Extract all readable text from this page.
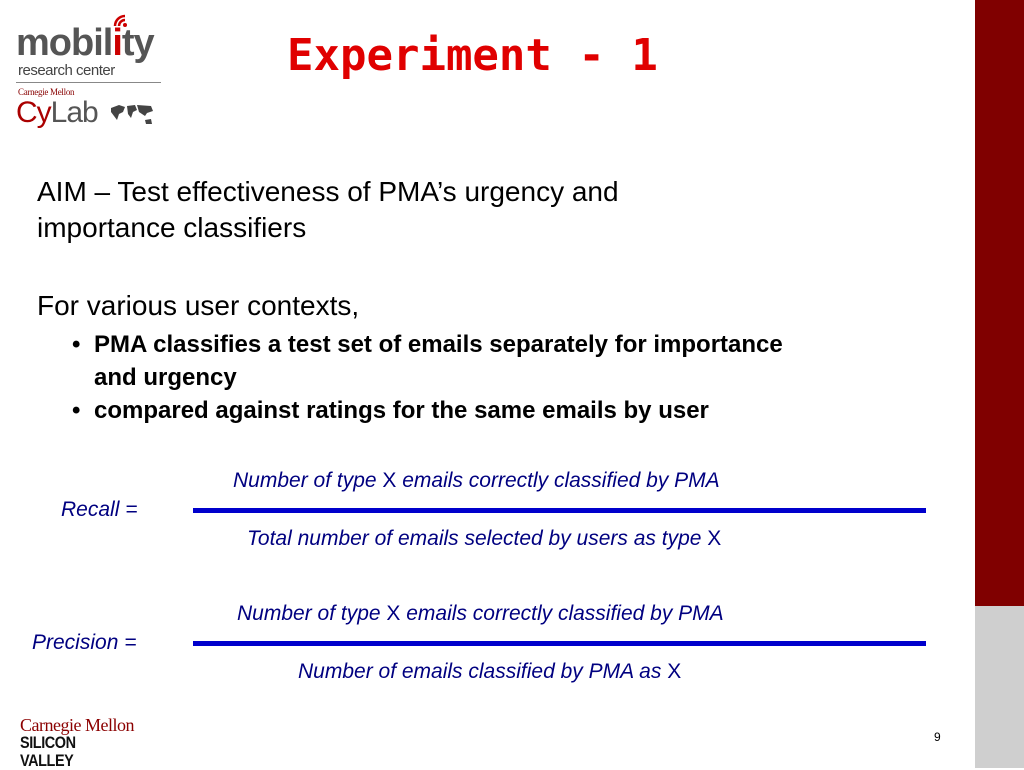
mobility
research center
Carnegie Mellon
CyLab
Experiment - 1
AIM – Test effectiveness of PMA’s urgency and
importance classifiers
For various user contexts,
• PMA classifies a test set of emails separately for importance
and urgency
• compared against ratings for the same emails by user
Recall =
Number of type X emails correctly classified by PMA
Total number of emails selected by users as type X
Precision =
Number of type X emails correctly classified by PMA
Number of emails classified by PMA as X
Carnegie Mellon
SILICON VALLEY
9
